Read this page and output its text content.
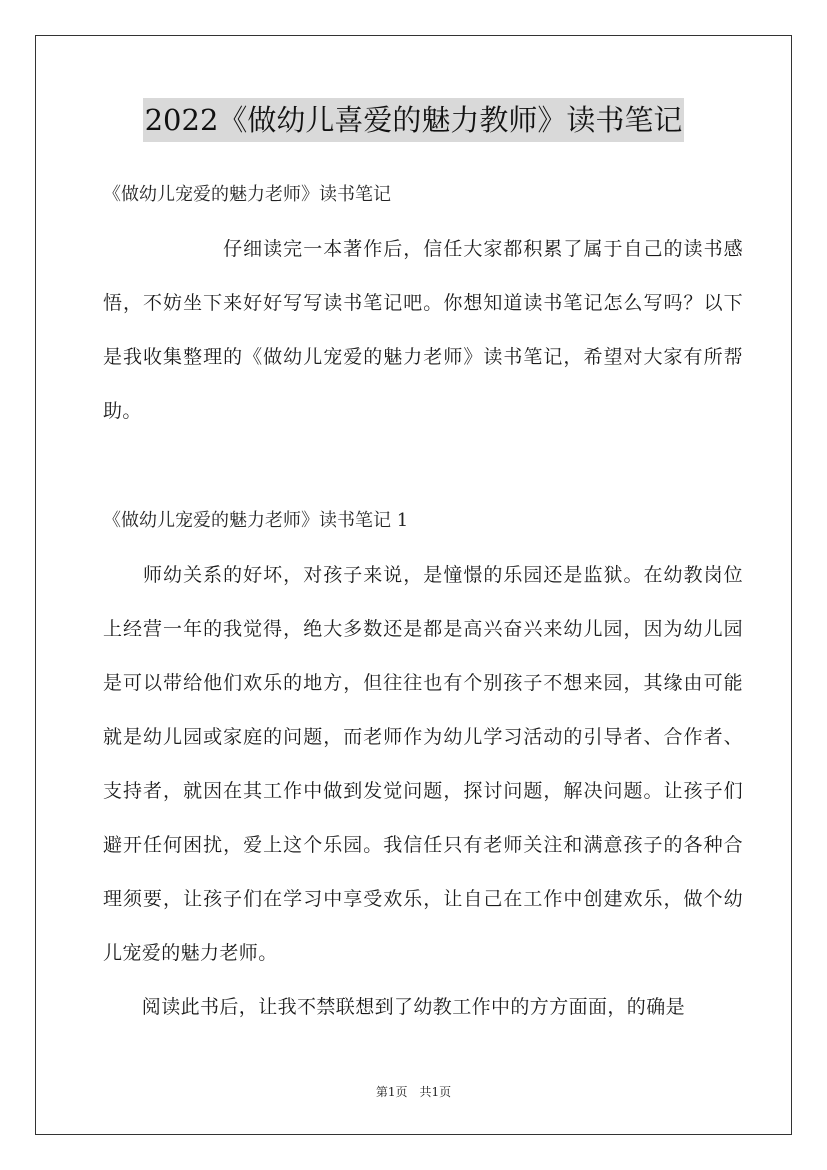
2022《做幼儿喜爱的魅力教师》读书笔记
《做幼儿宠爱的魅力老师》读书笔记
　　　　　　仔细读完一本著作后，信任大家都积累了属于自己的读书感悟，不妨坐下来好好写写读书笔记吧。你想知道读书笔记怎么写吗？以下是我收集整理的《做幼儿宠爱的魅力老师》读书笔记，希望对大家有所帮助。
《做幼儿宠爱的魅力老师》读书笔记 1
　　师幼关系的好坏，对孩子来说，是憧憬的乐园还是监狱。在幼教岗位上经营一年的我觉得，绝大多数还是都是高兴奋兴来幼儿园，因为幼儿园是可以带给他们欢乐的地方，但往往也有个别孩子不想来园，其缘由可能就是幼儿园或家庭的问题，而老师作为幼儿学习活动的引导者、合作者、支持者，就因在其工作中做到发觉问题，探讨问题，解决问题。让孩子们避开任何困扰，爱上这个乐园。我信任只有老师关注和满意孩子的各种合理须要，让孩子们在学习中享受欢乐，让自己在工作中创建欢乐，做个幼儿宠爱的魅力老师。
　　阅读此书后，让我不禁联想到了幼教工作中的方方面面，的确是
第1页　共1页
